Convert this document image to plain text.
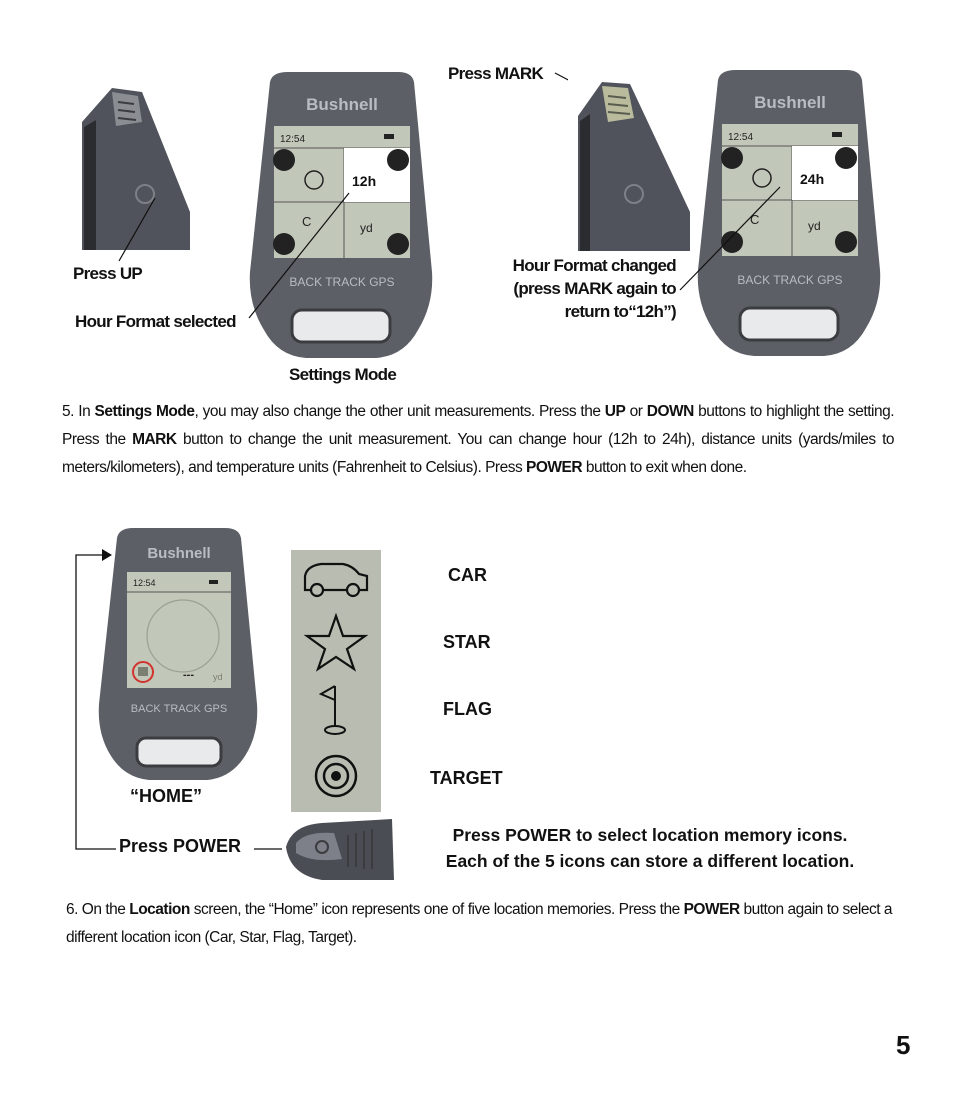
Press UP
Bushnell
12:54
12h
C	yd
BACK TRACK GPS
Hour Format selected
Settings Mode
Press MARK
Bushnell
12:54
24h
C	yd
BACK TRACK GPS
Hour Format changed
(press MARK again to
return to“12h”)
5. In Settings Mode, you may also change the other unit measurements. Press the UP or DOWN buttons to highlight the setting. Press the MARK button to change the unit measurement. You can change hour (12h to 24h), distance units (yards/miles to meters/kilometers), and temperature units (Fahrenheit to Celsius). Press POWER button to exit when done.
Bushnell
12:54
--- yd
BACK TRACK GPS
“HOME”
Press POWER
CAR
STAR
FLAG
TARGET
Press POWER to select location memory icons.
Each of the 5 icons can store a different location.
6. On the Location screen, the “Home” icon represents one of five location memories. Press the POWER button again to select a different location icon (Car, Star, Flag, Target).
5
